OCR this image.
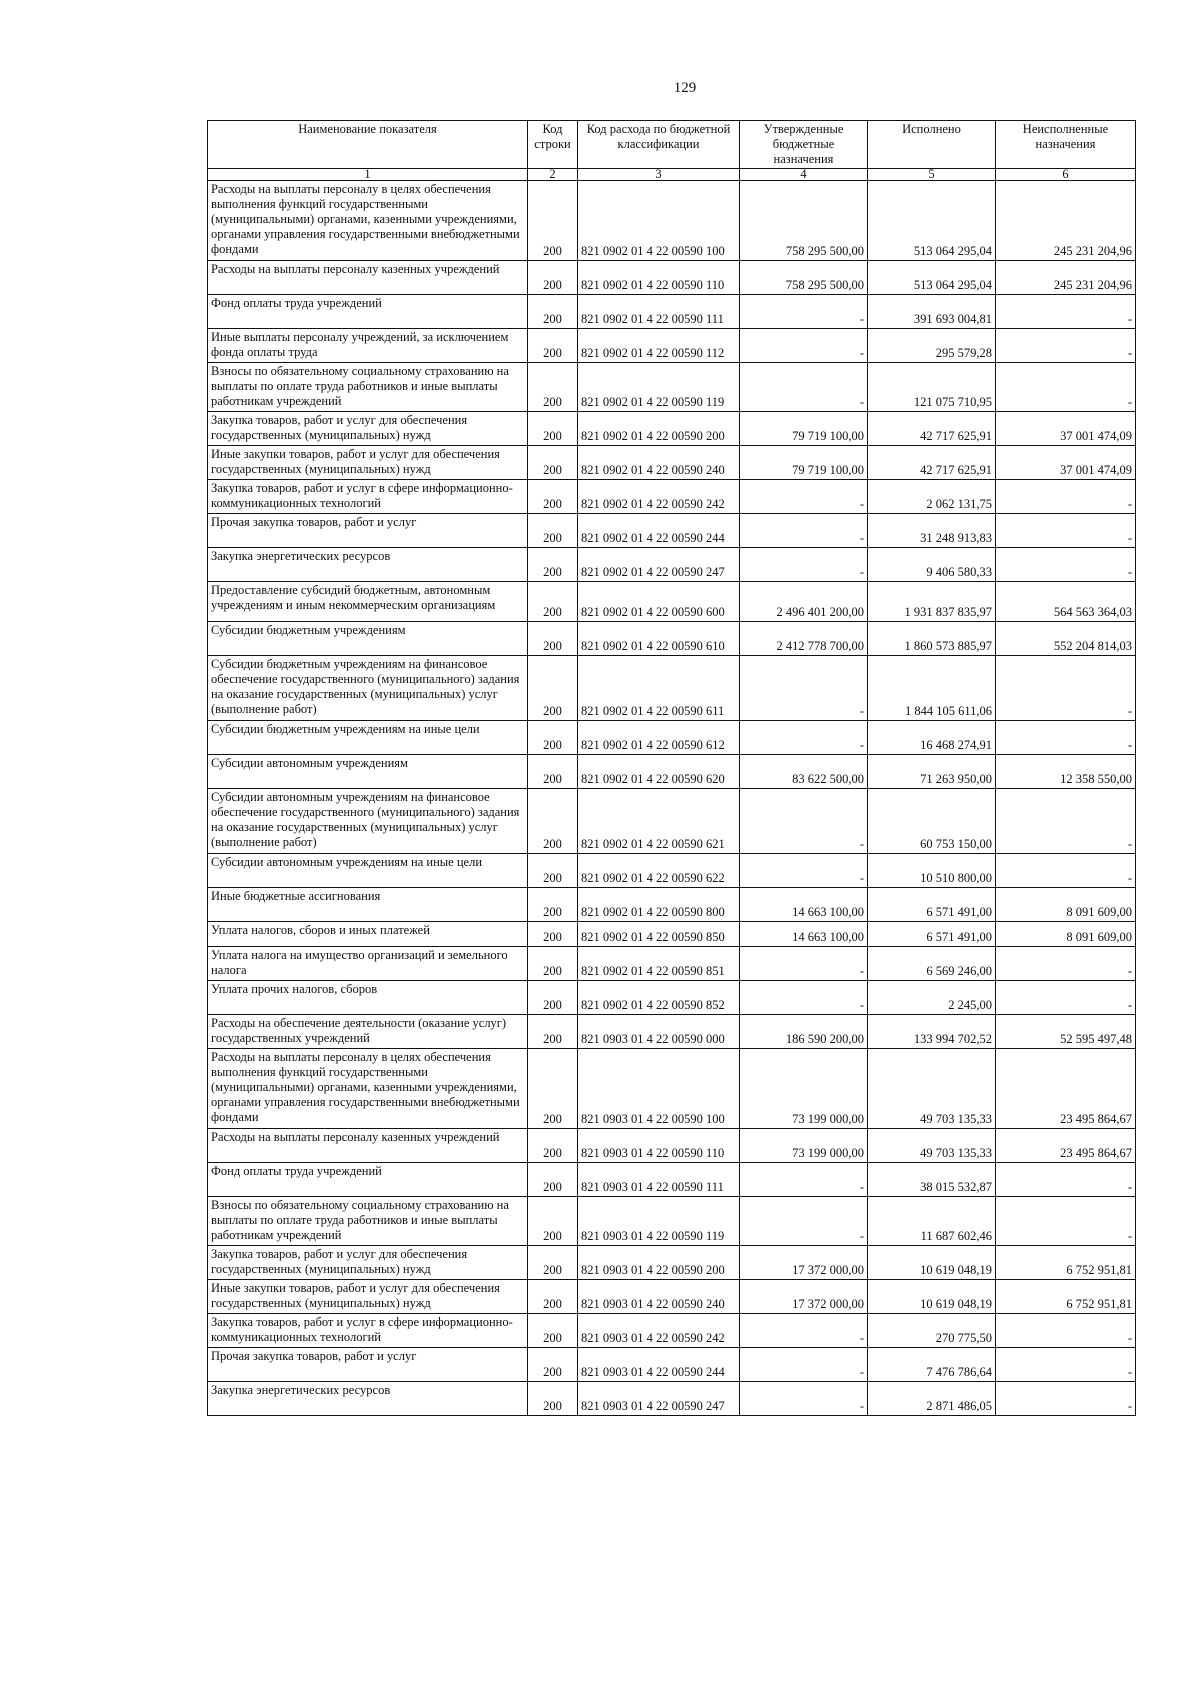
129
Наименование показателя	Код строки	Код расхода по бюджетной классификации	Утвержденные бюджетные назначения	Исполнено	Неисполненные назначения
1	2	3	4	5	6
Расходы на выплаты персоналу в целях обеспечения выполнения функций государственными (муниципальными) органами, казенными учреждениями, органами управления государственными внебюджетными фондами	200	821 0902 01 4 22 00590 100	758 295 500,00	513 064 295,04	245 231 204,96
Расходы на выплаты персоналу казенных учреждений	200	821 0902 01 4 22 00590 110	758 295 500,00	513 064 295,04	245 231 204,96
Фонд оплаты труда учреждений	200	821 0902 01 4 22 00590 111	-	391 693 004,81	-
Иные выплаты персоналу учреждений, за исключением фонда оплаты труда	200	821 0902 01 4 22 00590 112	-	295 579,28	-
Взносы по обязательному социальному страхованию на выплаты по оплате труда работников и иные выплаты работникам учреждений	200	821 0902 01 4 22 00590 119	-	121 075 710,95	-
Закупка товаров, работ и услуг для обеспечения государственных (муниципальных) нужд	200	821 0902 01 4 22 00590 200	79 719 100,00	42 717 625,91	37 001 474,09
Иные закупки товаров, работ и услуг для обеспечения государственных (муниципальных) нужд	200	821 0902 01 4 22 00590 240	79 719 100,00	42 717 625,91	37 001 474,09
Закупка товаров, работ и услуг в сфере информационно-коммуникационных технологий	200	821 0902 01 4 22 00590 242	-	2 062 131,75	-
Прочая закупка товаров, работ и услуг	200	821 0902 01 4 22 00590 244	-	31 248 913,83	-
Закупка энергетических ресурсов	200	821 0902 01 4 22 00590 247	-	9 406 580,33	-
Предоставление субсидий бюджетным, автономным учреждениям и иным некоммерческим организациям	200	821 0902 01 4 22 00590 600	2 496 401 200,00	1 931 837 835,97	564 563 364,03
Субсидии бюджетным учреждениям	200	821 0902 01 4 22 00590 610	2 412 778 700,00	1 860 573 885,97	552 204 814,03
Субсидии бюджетным учреждениям на финансовое обеспечение государственного (муниципального) задания на оказание государственных (муниципальных) услуг (выполнение работ)	200	821 0902 01 4 22 00590 611	-	1 844 105 611,06	-
Субсидии бюджетным учреждениям на иные цели	200	821 0902 01 4 22 00590 612	-	16 468 274,91	-
Субсидии автономным учреждениям	200	821 0902 01 4 22 00590 620	83 622 500,00	71 263 950,00	12 358 550,00
Субсидии автономным учреждениям на финансовое обеспечение государственного (муниципального) задания на оказание государственных (муниципальных) услуг (выполнение работ)	200	821 0902 01 4 22 00590 621	-	60 753 150,00	-
Субсидии автономным учреждениям на иные цели	200	821 0902 01 4 22 00590 622	-	10 510 800,00	-
Иные бюджетные ассигнования	200	821 0902 01 4 22 00590 800	14 663 100,00	6 571 491,00	8 091 609,00
Уплата налогов, сборов и иных платежей	200	821 0902 01 4 22 00590 850	14 663 100,00	6 571 491,00	8 091 609,00
Уплата налога на имущество организаций и земельного налога	200	821 0902 01 4 22 00590 851	-	6 569 246,00	-
Уплата прочих налогов, сборов	200	821 0902 01 4 22 00590 852	-	2 245,00	-
Расходы на обеспечение деятельности (оказание услуг) государственных учреждений	200	821 0903 01 4 22 00590 000	186 590 200,00	133 994 702,52	52 595 497,48
Расходы на выплаты персоналу в целях обеспечения выполнения функций государственными (муниципальными) органами, казенными учреждениями, органами управления государственными внебюджетными фондами	200	821 0903 01 4 22 00590 100	73 199 000,00	49 703 135,33	23 495 864,67
Расходы на выплаты персоналу казенных учреждений	200	821 0903 01 4 22 00590 110	73 199 000,00	49 703 135,33	23 495 864,67
Фонд оплаты труда учреждений	200	821 0903 01 4 22 00590 111	-	38 015 532,87	-
Взносы по обязательному социальному страхованию на выплаты по оплате труда работников и иные выплаты работникам учреждений	200	821 0903 01 4 22 00590 119	-	11 687 602,46	-
Закупка товаров, работ и услуг для обеспечения государственных (муниципальных) нужд	200	821 0903 01 4 22 00590 200	17 372 000,00	10 619 048,19	6 752 951,81
Иные закупки товаров, работ и услуг для обеспечения государственных (муниципальных) нужд	200	821 0903 01 4 22 00590 240	17 372 000,00	10 619 048,19	6 752 951,81
Закупка товаров, работ и услуг в сфере информационно-коммуникационных технологий	200	821 0903 01 4 22 00590 242	-	270 775,50	-
Прочая закупка товаров, работ и услуг	200	821 0903 01 4 22 00590 244	-	7 476 786,64	-
Закупка энергетических ресурсов	200	821 0903 01 4 22 00590 247	-	2 871 486,05	-
